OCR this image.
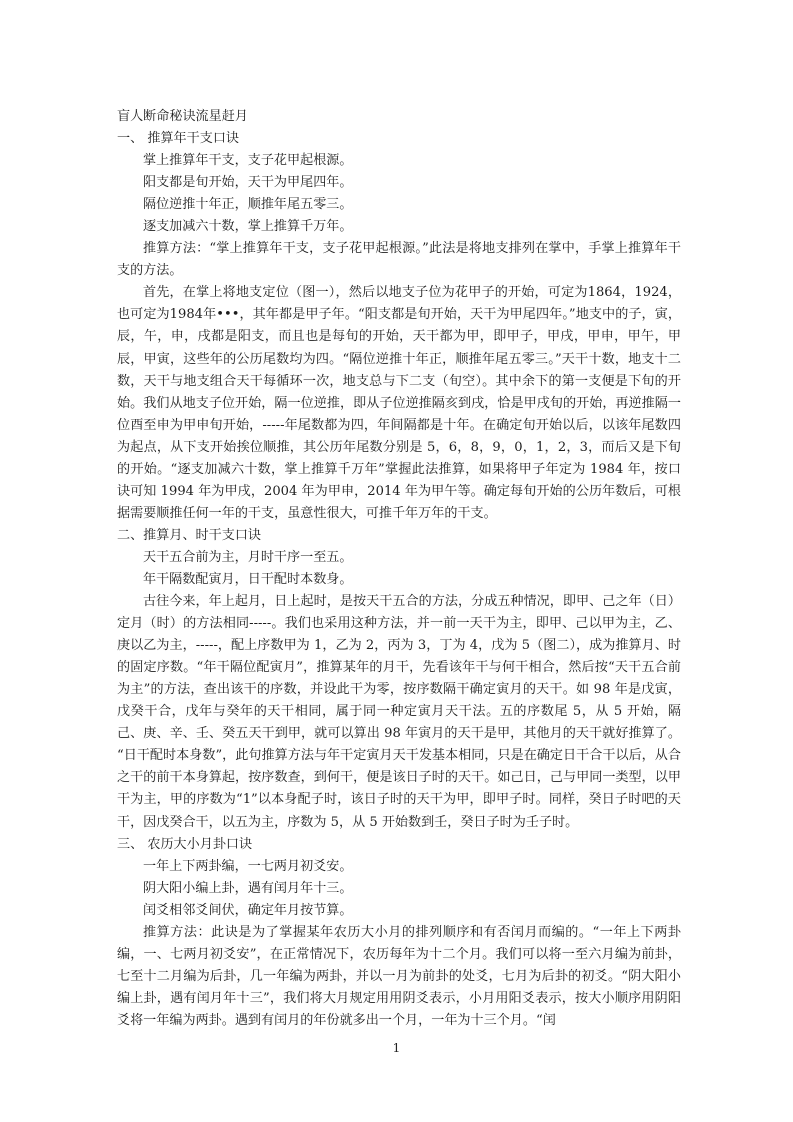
盲人断命秘诀流星赶月

一、 推算年干支口诀

掌上推算年干支，支子花甲起根源。

阳支都是旬开始，天干为甲尾四年。

隔位逆推十年正，顺推年尾五零三。

逐支加减六十数，掌上推算千万年。

推算方法：“掌上推算年干支，支子花甲起根源。”此法是将地支排列在掌中，手掌上推算年干支的方法。

首先，在掌上将地支定位（图一），然后以地支子位为花甲子的开始，可定为1864，1924，也可定为1984年•••，其年都是甲子年。“阳支都是旬开始，天干为甲尾四年。”地支中的子，寅，辰，午，申，戌都是阳支，而且也是每旬的开始，天干都为甲，即甲子，甲戌，甲申，甲午，甲辰，甲寅，这些年的公历尾数均为四。“隔位逆推十年正，顺推年尾五零三。”天干十数，地支十二数，天干与地支组合天干每循环一次，地支总与下二支（旬空）。其中余下的第一支便是下旬的开始。我们从地支子位开始，隔一位逆推，即从子位逆推隔亥到戌，恰是甲戌旬的开始，再逆推隔一位酉至申为甲申旬开始，-----年尾数都为四，年间隔都是十年。在确定旬开始以后，以该年尾数四为起点，从下支开始挨位顺推，其公历年尾数分别是 5，6，8，9，0，1，2，3，而后又是下旬的开始。“逐支加减六十数，掌上推算千万年”掌握此法推算，如果将甲子年定为 1984 年，按口诀可知 1994 年为甲戌，2004 年为甲申，2014 年为甲午等。确定每旬开始的公历年数后，可根据需要顺推任何一年的干支，虽意性很大，可推千年万年的干支。

二、推算月、时干支口诀

天干五合前为主，月时干序一至五。

年干隔数配寅月，日干配时本数身。

古往今来，年上起月，日上起时，是按天干五合的方法，分成五种情况，即甲、己之年（日）定月（时）的方法相同-----。我们也采用这种方法，并一前一天干为主，即甲、己以甲为主，乙、庚以乙为主，-----，配上序数甲为 1，乙为 2，丙为 3，丁为 4，戊为 5（图二），成为推算月、时的固定序数。“年干隔位配寅月”，推算某年的月干，先看该年干与何干相合，然后按“天干五合前为主”的方法，查出该干的序数，并设此干为零，按序数隔干确定寅月的天干。如 98 年是戊寅，戊癸干合，戊年与癸年的天干相同，属于同一种定寅月天干法。五的序数尾 5，从 5 开始，隔己、庚、辛、壬、癸五天干到甲，就可以算出 98 年寅月的天干是甲，其他月的天干就好推算了。“日干配时本身数”，此句推算方法与年干定寅月天干发基本相同，只是在确定日干合干以后，从合之干的前干本身算起，按序数查，到何干，便是该日子时的天干。如己日，己与甲同一类型，以甲干为主，甲的序数为“1”以本身配子时，该日子时的天干为甲，即甲子时。同样，癸日子时吧的天干，因戊癸合干，以五为主，序数为 5，从 5 开始数到壬，癸日子时为壬子时。

三、 农历大小月卦口诀

一年上下两卦编，一七两月初爻安。

阴大阳小编上卦，遇有闰月年十三。

闰爻相邻爻间伏，确定年月按节算。

推算方法：此诀是为了掌握某年农历大小月的排列顺序和有否闰月而编的。“一年上下两卦编，一、七两月初爻安”，在正常情况下，农历每年为十二个月。我们可以将一至六月编为前卦，七至十二月编为后卦，几一年编为两卦，并以一月为前卦的处爻，七月为后卦的初爻。“阴大阳小编上卦，遇有闰月年十三”，我们将大月规定用用阴爻表示，小月用阳爻表示，按大小顺序用阴阳爻将一年编为两卦。遇到有闰月的年份就多出一个月，一年为十三个月。“闰

1
